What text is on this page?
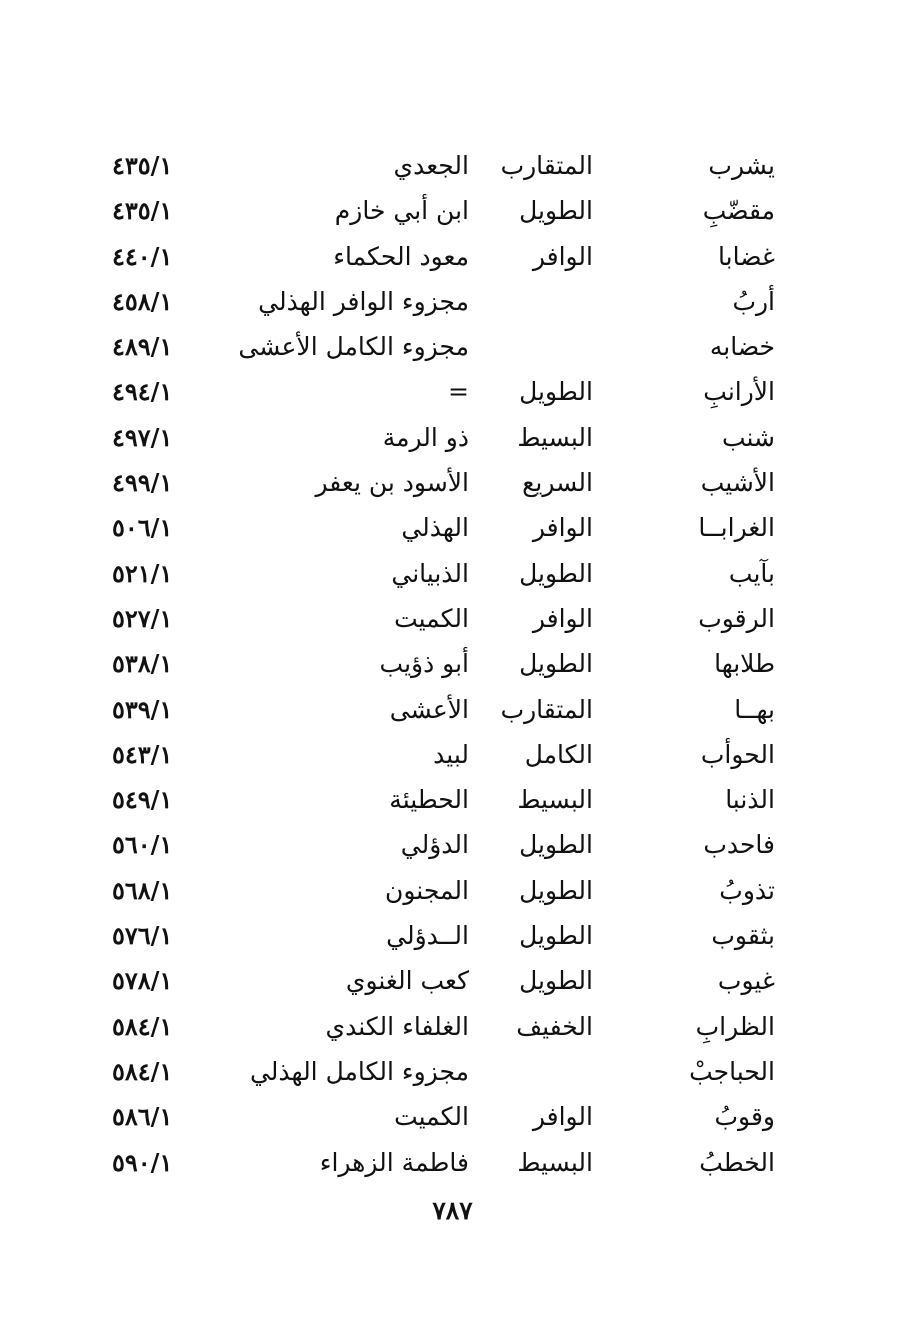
يشرب
المتقارب
الجعدي
٤٣٥/١
مقضّبِ
الطويل
ابن أبي خازم
٤٣٥/١
غضابا
الوافر
معود الحكماء
٤٤٠/١
أربُ
مجزوء الوافر الهذلي
٤٥٨/١
خضابه
مجزوء الكامل الأعشى
٤٨٩/١
الأرانبِ
الطويل
=
٤٩٤/١
شنب
البسيط
ذو الرمة
٤٩٧/١
الأشيب
السريع
الأسود بن يعفر
٤٩٩/١
الغرابــا
الوافر
الهذلي
٥٠٦/١
بآيب
الطويل
الذبياني
٥٢١/١
الرقوب
الوافر
الكميت
٥٢٧/١
طلابها
الطويل
أبو ذؤيب
٥٣٨/١
بهــا
المتقارب
الأعشى
٥٣٩/١
الحوأب
الكامل
لبيد
٥٤٣/١
الذنبا
البسيط
الحطيئة
٥٤٩/١
فاحدب
الطويل
الدؤلي
٥٦٠/١
تذوبُ
الطويل
المجنون
٥٦٨/١
بثقوب
الطويل
الــدؤلي
٥٧٦/١
غيوب
الطويل
كعب الغنوي
٥٧٨/١
الظرابِ
الخفيف
الغلفاء الكندي
٥٨٤/١
الحباجبْ
مجزوء الكامل الهذلي
٥٨٤/١
وقوبُ
الوافر
الكميت
٥٨٦/١
الخطبُ
البسيط
فاطمة الزهراء
٥٩٠/١
٧٨٧
